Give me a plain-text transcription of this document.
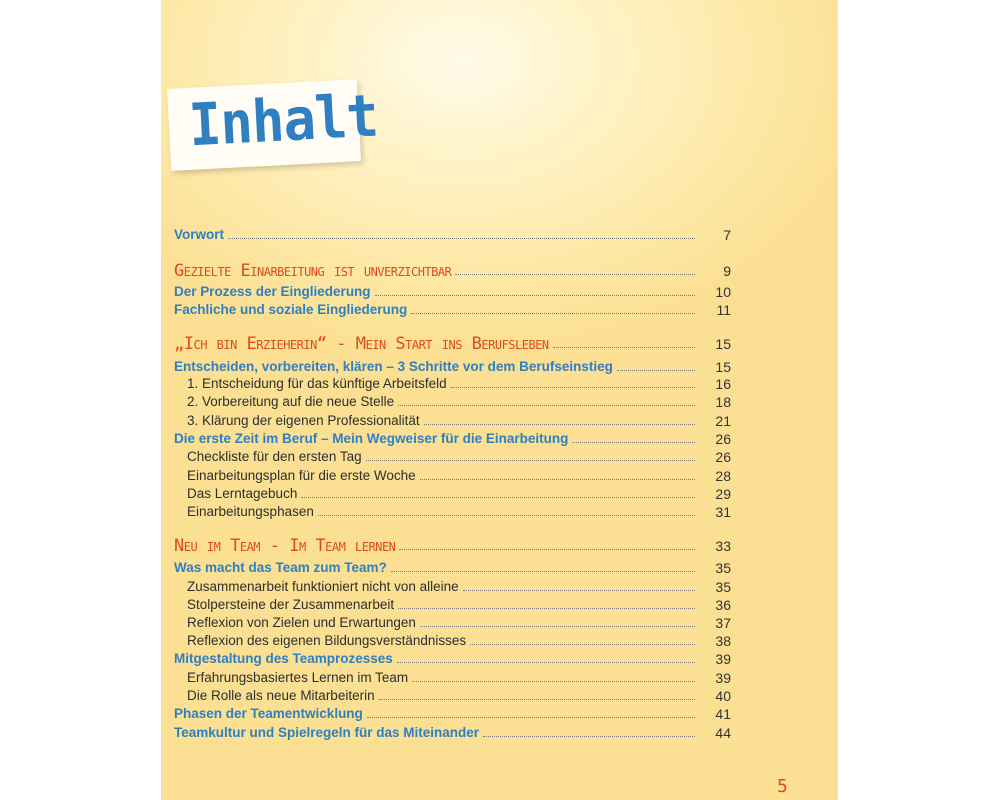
Inhalt
Vorwort	7
Gezielte Einarbeitung ist unverzichtbar	9
Der Prozess der Eingliederung	10
Fachliche und soziale Eingliederung	11
„Ich bin Erzieherin“ - Mein Start ins Berufsleben	15
Entscheiden, vorbereiten, klären – 3 Schritte vor dem Berufseinstieg	15
1. Entscheidung für das künftige Arbeitsfeld	16
2. Vorbereitung auf die neue Stelle	18
3. Klärung der eigenen Professionalität	21
Die erste Zeit im Beruf – Mein Wegweiser für die Einarbeitung	26
Checkliste für den ersten Tag	26
Einarbeitungsplan für die erste Woche	28
Das Lerntagebuch	29
Einarbeitungsphasen	31
Neu im Team - Im Team lernen	33
Was macht das Team zum Team?	35
Zusammenarbeit funktioniert nicht von alleine	35
Stolpersteine der Zusammenarbeit	36
Reflexion von Zielen und Erwartungen	37
Reflexion des eigenen Bildungsverständnisses	38
Mitgestaltung des Teamprozesses	39
Erfahrungsbasiertes Lernen im Team	39
Die Rolle als neue Mitarbeiterin	40
Phasen der Teamentwicklung	41
Teamkultur und Spielregeln für das Miteinander	44
5
